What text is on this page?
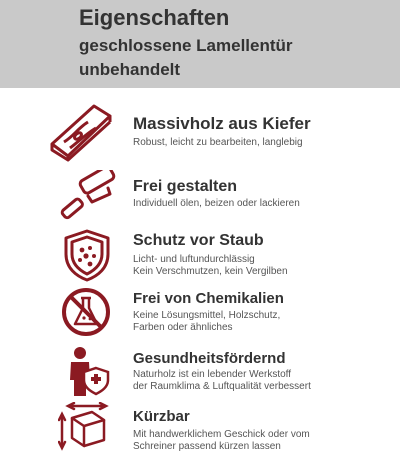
Eigenschaften
geschlossene Lamellentür
unbehandelt
Massivholz aus Kiefer
Robust, leicht zu bearbeiten, langlebig
Frei gestalten
Individuell ölen, beizen oder lackieren
Schutz vor Staub
Licht- und luftundurchlässig
Kein Verschmutzen, kein Vergilben
Frei von Chemikalien
Keine Lösungsmittel, Holzschutz,
Farben oder ähnliches
Gesundheitsfördernd
Naturholz ist ein lebender Werkstoff
der Raumklima & Luftqualität verbessert
Kürzbar
Mit handwerklichem Geschick oder vom
Schreiner passend kürzen lassen
